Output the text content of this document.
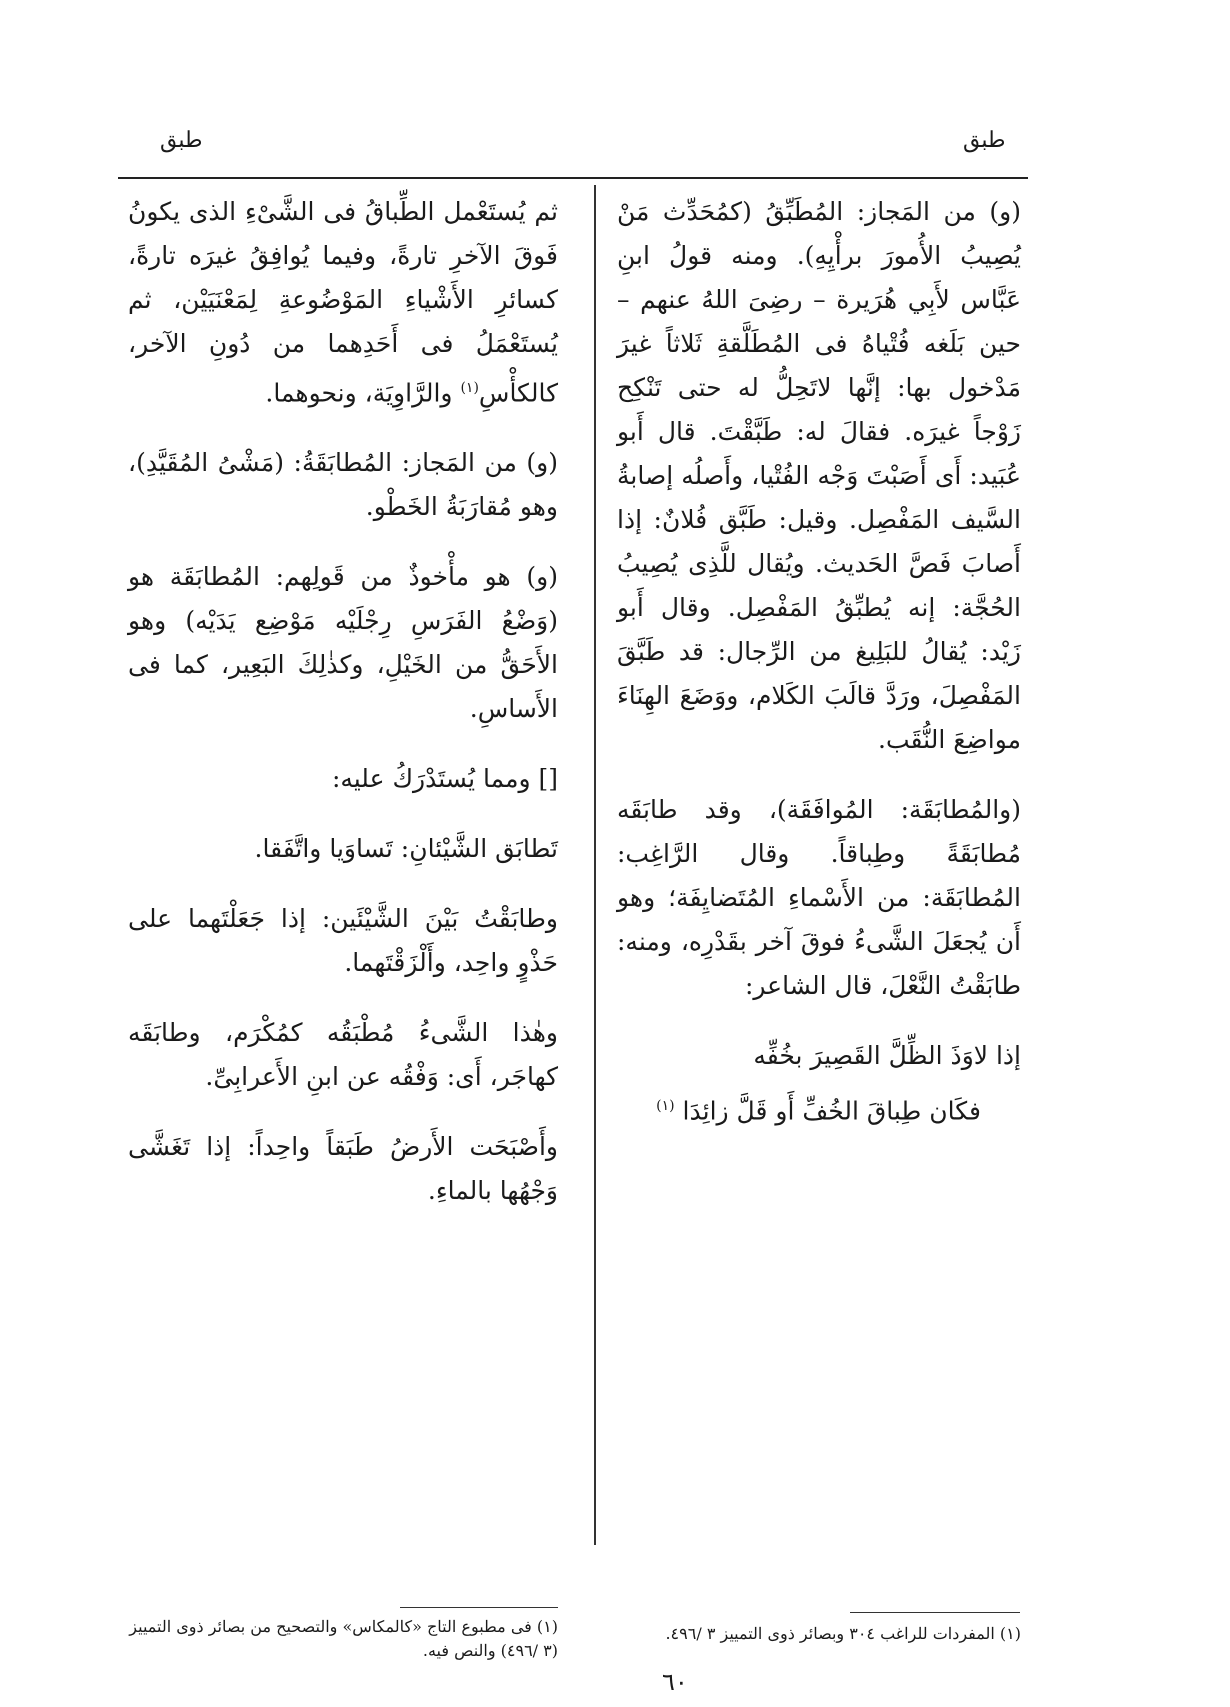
طبق
طبق

(و) من المَجاز: المُطَبِّقُ (كمُحَدِّث مَنْ يُصِيبُ الأُمورَ برأْيِهِ). ومنه قولُ ابنِ عَبَّاس لأَبِي هُرَيرة – رضِىَ اللهُ عنهم – حين بَلَغه فُتْياهُ فى المُطَلَّقةِ ثَلاثاً غيرَ مَدْخول بها: إنَّها لاتَحِلُّ له حتى تَنْكِح زَوْجاً غيرَه. فقالَ له: طَبَّقْتَ. قال أَبو عُبَيد: أَى أَصَبْتَ وَجْه الفُتْيا، وأَصلُه إصابةُ السَّيف المَفْصِل. وقيل: طَبَّق فُلانٌ: إذا أَصابَ فَصَّ الحَديث. ويُقال للَّذِى يُصِيبُ الحُجَّة: إنه يُطبِّقُ المَفْصِل. وقال أَبو زَيْد: يُقالُ للبَلِيغ من الرِّجال: قد طَبَّقَ المَفْصِلَ، ورَدَّ قالَبَ الكَلام، ووَضَعَ الهِنَاءَ مواضِعَ النُّقَب.

(والمُطابَقَة: المُوافَقَة)، وقد طابَقَه مُطابَقَةً وطِباقاً. وقال الرَّاغِب: المُطابَقَة: من الأَسْماءِ المُتَضايِفَة؛ وهو أَن يُجعَلَ الشَّىءُ فوقَ آخر بقَدْرِه، ومنه: طابَقْتُ النَّعْلَ، قال الشاعر:

إذا لاوَذَ الظِّلَّ القَصِيرَ بخُفِّه
فكَان طِباقَ الخُفِّ أَو قَلَّ زائِدَا $^{(١)}$

ثم يُستَعْمل الطِّباقُ فى الشَّىْءِ الذى يكونُ فَوقَ الآخرِ تارةً، وفيما يُوافِقُ غيرَه تارةً، كسائرِ الأَشْياءِ المَوْضُوعةِ لِمَعْنَيَيْن، ثم يُستَعْمَلُ فى أَحَدِهما من دُونِ الآخر، كالكأْسِ$^{(١)}$ والرَّاوِيَة، ونحوهما.

(و) من المَجاز: المُطابَقَةُ: (مَشْىُ المُقَيَّدِ)، وهو مُقارَبَةُ الخَطْو.

(و) هو مأْخوذٌ من قَولِهم: المُطابَقَة هو (وَضْعُ الفَرَسِ رِجْلَيْه مَوْضِع يَدَيْه) وهو الأَحَقُّ من الخَيْلِ، وكذٰلِكَ البَعِير، كما فى الأَساسِ.

[] ومما يُستَدْرَكُ عليه:

تَطابَق الشَّيْئانِ: تَساوَيا واتَّفَقا.

وطابَقْتُ بَيْنَ الشَّيْئَين: إذا جَعَلْتَهما على حَذْوٍ واحِد، وأَلْزَقْتَهما.

وهٰذا الشَّىءُ مُطْبَقُه كمُكْرَم، وطابَقَه كهاجَر، أَى: وَفْقُه عن ابنِ الأَعرابِىِّ.

وأَصْبَحَت الأَرضُ طَبَقاً واحِداً: إذا تَغَشَّى وَجْهُها بالماءِ.

(١) المفردات للراغب ٣٠٤ وبصائر ذوى التمييز ٣ /٤٩٦.
(١) فى مطبوع التاج «كالمكاس» والتصحيح من بصائر ذوى التمييز (٣ /٤٩٦) والنص فيه.
٦٠
